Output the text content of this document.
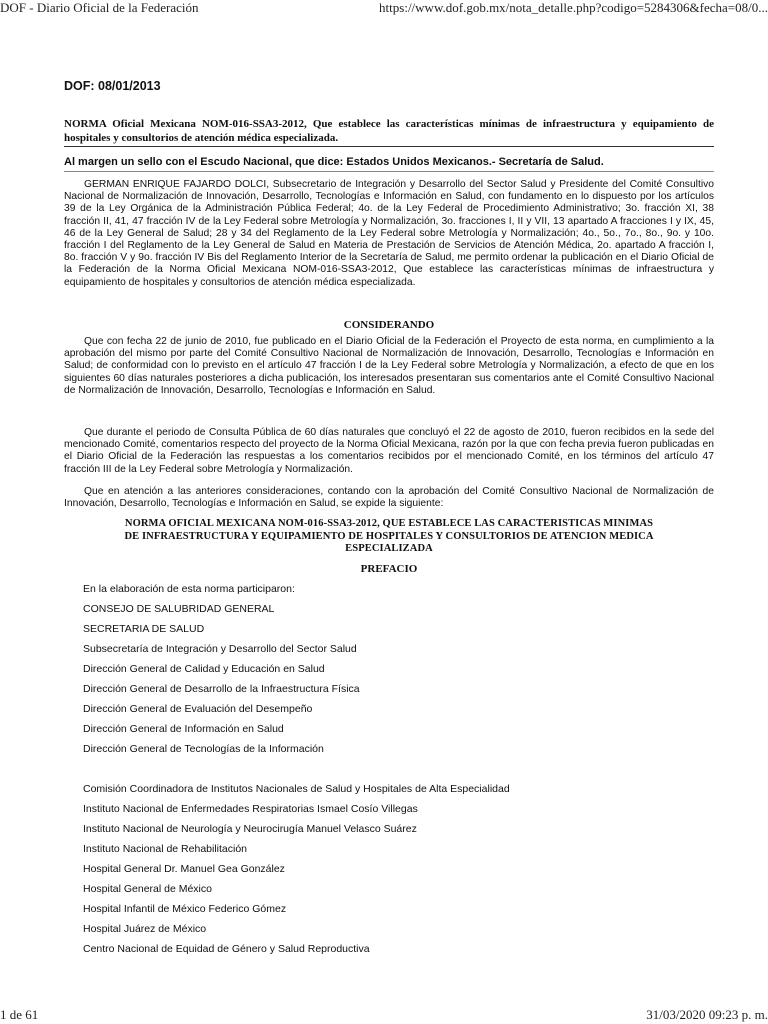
DOF - Diario Oficial de la Federación	https://www.dof.gob.mx/nota_detalle.php?codigo=5284306&fecha=08/0...
DOF: 08/01/2013
NORMA Oficial Mexicana NOM-016-SSA3-2012, Que establece las características mínimas de infraestructura y equipamiento de hospitales y consultorios de atención médica especializada.
Al margen un sello con el Escudo Nacional, que dice: Estados Unidos Mexicanos.- Secretaría de Salud.
GERMAN ENRIQUE FAJARDO DOLCI, Subsecretario de Integración y Desarrollo del Sector Salud y Presidente del Comité Consultivo Nacional de Normalización de Innovación, Desarrollo, Tecnologías e Información en Salud, con fundamento en lo dispuesto por los artículos 39 de la Ley Orgánica de la Administración Pública Federal; 4o. de la Ley Federal de Procedimiento Administrativo; 3o. fracción XI, 38 fracción II, 41, 47 fracción IV de la Ley Federal sobre Metrología y Normalización, 3o. fracciones I, II y VII, 13 apartado A fracciones I y IX, 45, 46 de la Ley General de Salud; 28 y 34 del Reglamento de la Ley Federal sobre Metrología y Normalización; 4o., 5o., 7o., 8o., 9o. y 10o. fracción I del Reglamento de la Ley General de Salud en Materia de Prestación de Servicios de Atención Médica, 2o. apartado A fracción I, 8o. fracción V y 9o. fracción IV Bis del Reglamento Interior de la Secretaría de Salud, me permito ordenar la publicación en el Diario Oficial de la Federación de la Norma Oficial Mexicana NOM-016-SSA3-2012, Que establece las características mínimas de infraestructura y equipamiento de hospitales y consultorios de atención médica especializada.
CONSIDERANDO
Que con fecha 22 de junio de 2010, fue publicado en el Diario Oficial de la Federación el Proyecto de esta norma, en cumplimiento a la aprobación del mismo por parte del Comité Consultivo Nacional de Normalización de Innovación, Desarrollo, Tecnologías e Información en Salud; de conformidad con lo previsto en el artículo 47 fracción I de la Ley Federal sobre Metrología y Normalización, a efecto de que en los siguientes 60 días naturales posteriores a dicha publicación, los interesados presentaran sus comentarios ante el Comité Consultivo Nacional de Normalización de Innovación, Desarrollo, Tecnologías e Información en Salud.
Que durante el periodo de Consulta Pública de 60 días naturales que concluyó el 22 de agosto de 2010, fueron recibidos en la sede del mencionado Comité, comentarios respecto del proyecto de la Norma Oficial Mexicana, razón por la que con fecha previa fueron publicadas en el Diario Oficial de la Federación las respuestas a los comentarios recibidos por el mencionado Comité, en los términos del artículo 47 fracción III de la Ley Federal sobre Metrología y Normalización.
Que en atención a las anteriores consideraciones, contando con la aprobación del Comité Consultivo Nacional de Normalización de Innovación, Desarrollo, Tecnologías e Información en Salud, se expide la siguiente:
NORMA OFICIAL MEXICANA NOM-016-SSA3-2012, QUE ESTABLECE LAS CARACTERISTICAS MINIMAS DE INFRAESTRUCTURA Y EQUIPAMIENTO DE HOSPITALES Y CONSULTORIOS DE ATENCION MEDICA ESPECIALIZADA
PREFACIO
En la elaboración de esta norma participaron:
CONSEJO DE SALUBRIDAD GENERAL
SECRETARIA DE SALUD
Subsecretaría de Integración y Desarrollo del Sector Salud
Dirección General de Calidad y Educación en Salud
Dirección General de Desarrollo de la Infraestructura Física
Dirección General de Evaluación del Desempeño
Dirección General de Información en Salud
Dirección General de Tecnologías de la Información
Comisión Coordinadora de Institutos Nacionales de Salud y Hospitales de Alta Especialidad
Instituto Nacional de Enfermedades Respiratorias Ismael Cosío Villegas
Instituto Nacional de Neurología y Neurocirugía Manuel Velasco Suárez
Instituto Nacional de Rehabilitación
Hospital General Dr. Manuel Gea González
Hospital General de México
Hospital Infantil de México Federico Gómez
Hospital Juárez de México
Centro Nacional de Equidad de Género y Salud Reproductiva
1 de 61	31/03/2020 09:23 p. m.
